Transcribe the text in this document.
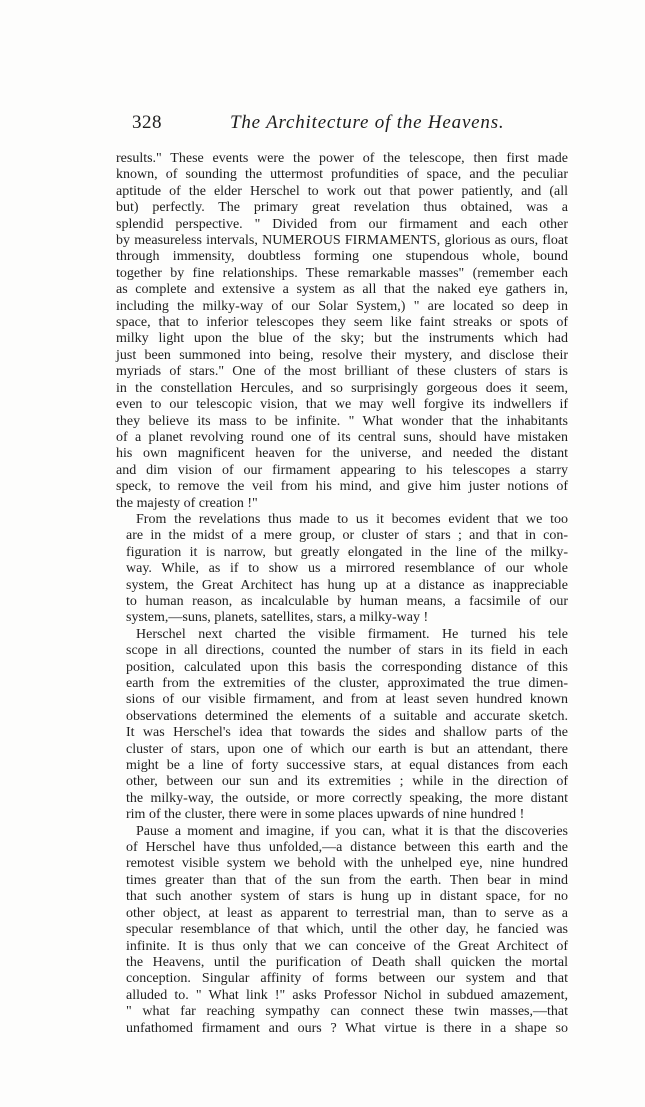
328	The Architecture of the Heavens.

results." These events were the power of the telescope, then first made
known, of sounding the uttermost profundities of space, and the peculiar
aptitude of the elder Herschel to work out that power patiently, and (all
but) perfectly. The primary great revelation thus obtained, was a
splendid perspective. " Divided from our firmament and each other
by measureless intervals, NUMEROUS FIRMAMENTS, glorious as ours, float
through immensity, doubtless forming one stupendous whole, bound
together by fine relationships. These remarkable masses" (remember each
as complete and extensive a system as all that the naked eye gathers in,
including the milky-way of our Solar System,) " are located so deep in
space, that to inferior telescopes they seem like faint streaks or spots of
milky light upon the blue of the sky; but the instruments which had
just been summoned into being, resolve their mystery, and disclose their
myriads of stars." One of the most brilliant of these clusters of stars is
in the constellation Hercules, and so surprisingly gorgeous does it seem,
even to our telescopic vision, that we may well forgive its indwellers if
they believe its mass to be infinite. " What wonder that the inhabitants
of a planet revolving round one of its central suns, should have mistaken
his own magnificent heaven for the universe, and needed the distant
and dim vision of our firmament appearing to his telescopes a starry
speck, to remove the veil from his mind, and give him juster notions of
the majesty of creation !"

From the revelations thus made to us it becomes evident that we too
are in the midst of a mere group, or cluster of stars ; and that in con-
figuration it is narrow, but greatly elongated in the line of the milky-
way. While, as if to show us a mirrored resemblance of our whole
system, the Great Architect has hung up at a distance as inappreciable
to human reason, as incalculable by human means, a facsimile of our
system,—suns, planets, satellites, stars, a milky-way !

Herschel next charted the visible firmament. He turned his tele
scope in all directions, counted the number of stars in its field in each
position, calculated upon this basis the corresponding distance of this
earth from the extremities of the cluster, approximated the true dimen-
sions of our visible firmament, and from at least seven hundred known
observations determined the elements of a suitable and accurate sketch.
It was Herschel's idea that towards the sides and shallow parts of the
cluster of stars, upon one of which our earth is but an attendant, there
might be a line of forty successive stars, at equal distances from each
other, between our sun and its extremities ; while in the direction of
the milky-way, the outside, or more correctly speaking, the more distant
rim of the cluster, there were in some places upwards of nine hundred !

Pause a moment and imagine, if you can, what it is that the discoveries
of Herschel have thus unfolded,—a distance between this earth and the
remotest visible system we behold with the unhelped eye, nine hundred
times greater than that of the sun from the earth. Then bear in mind
that such another system of stars is hung up in distant space, for no
other object, at least as apparent to terrestrial man, than to serve as a
specular resemblance of that which, until the other day, he fancied was
infinite. It is thus only that we can conceive of the Great Architect of
the Heavens, until the purification of Death shall quicken the mortal
conception. Singular affinity of forms between our system and that
alluded to. " What link !" asks Professor Nichol in subdued amazement,
" what far reaching sympathy can connect these twin masses,—that
unfathomed firmament and ours ? What virtue is there in a shape so
